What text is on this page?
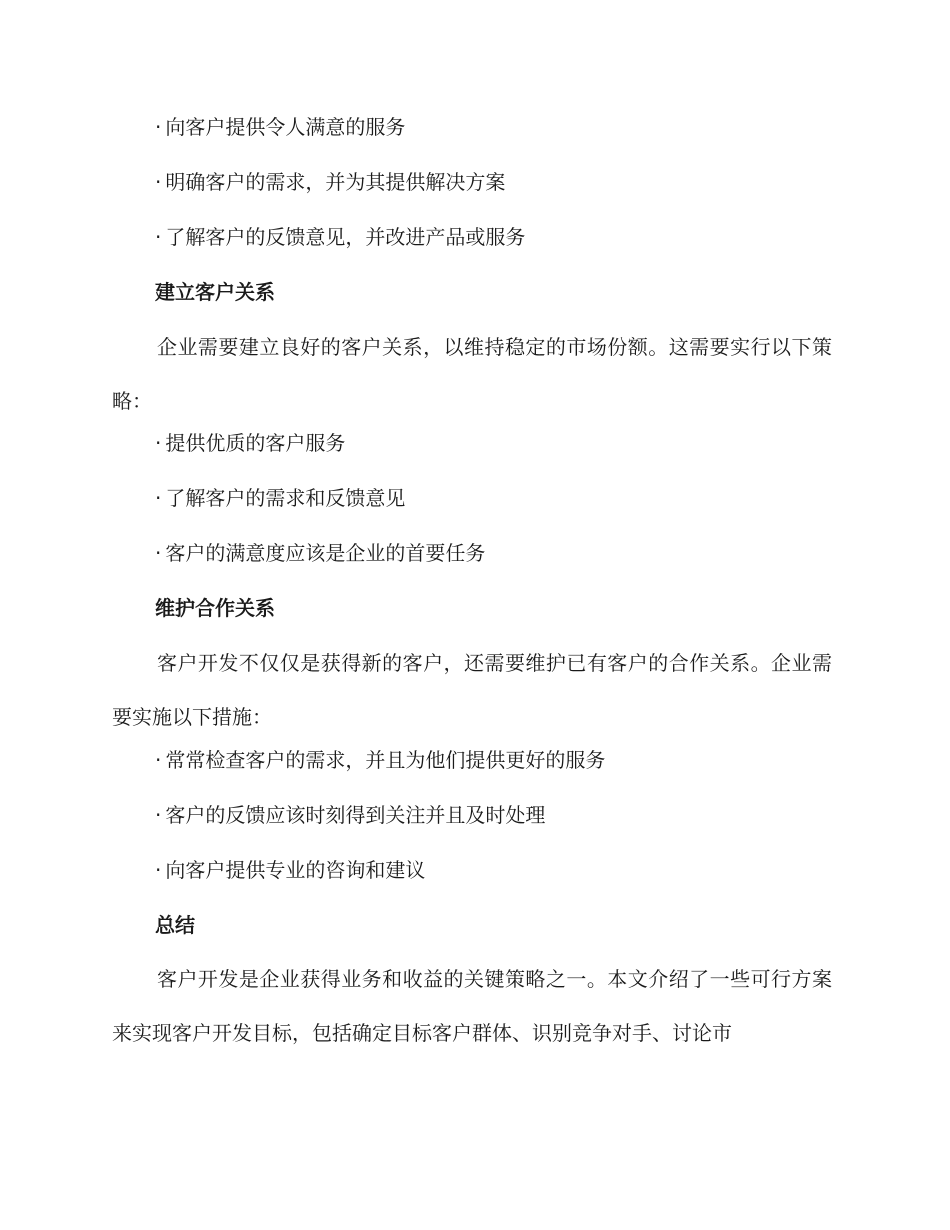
· 向客户提供令人满意的服务
· 明确客户的需求，并为其提供解决方案
· 了解客户的反馈意见，并改进产品或服务
建立客户关系

企业需要建立良好的客户关系，以维持稳定的市场份额。这需要实行以下策略：

· 提供优质的客户服务
· 了解客户的需求和反馈意见
· 客户的满意度应该是企业的首要任务
维护合作关系

客户开发不仅仅是获得新的客户，还需要维护已有客户的合作关系。企业需要实施以下措施：

· 常常检查客户的需求，并且为他们提供更好的服务
· 客户的反馈应该时刻得到关注并且及时处理
· 向客户提供专业的咨询和建议
总结

客户开发是企业获得业务和收益的关键策略之一。本文介绍了一些可行方案来实现客户开发目标，包括确定目标客户群体、识别竞争对手、讨论市
